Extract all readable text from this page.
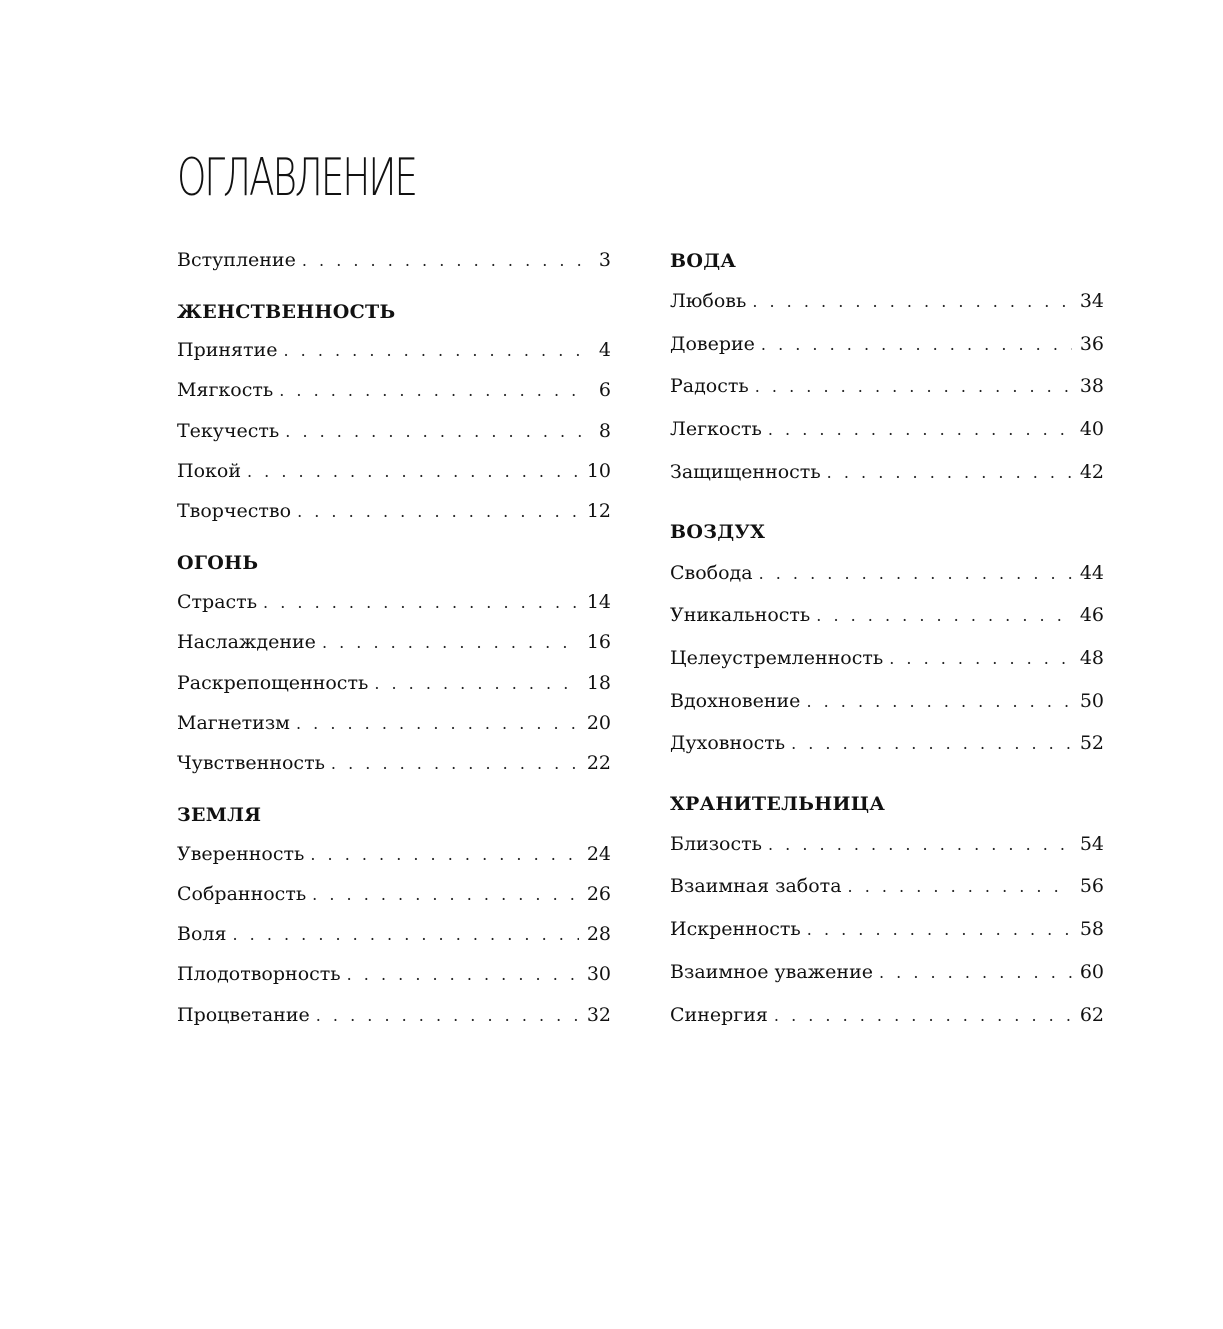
ОГЛАВЛЕНИЕ
Вступление . . .	3
ЖЕНСТВЕННОСТЬ
Принятие . . .	4
Мягкость . . .	6
Текучесть . . .	8
Покой . . .	10
Творчество . . .	12
ОГОНЬ
Страсть . . .	14
Наслаждение . . .	16
Раскрепощенность . . .	18
Магнетизм . . .	20
Чувственность . . .	22
ЗЕМЛЯ
Уверенность . . .	24
Собранность . . .	26
Воля . . .	28
Плодотворность . . .	30
Процветание . . .	32
ВОДА
Любовь . . .	34
Доверие . . .	36
Радость . . .	38
Легкость . . .	40
Защищенность . . .	42
ВОЗДУХ
Свобода . . .	44
Уникальность . . .	46
Целеустремленность . . .	48
Вдохновение . . .	50
Духовность . . .	52
ХРАНИТЕЛЬНИЦА
Близость . . .	54
Взаимная забота . . .	56
Искренность . . .	58
Взаимное уважение . . .	60
Синергия . . .	62
